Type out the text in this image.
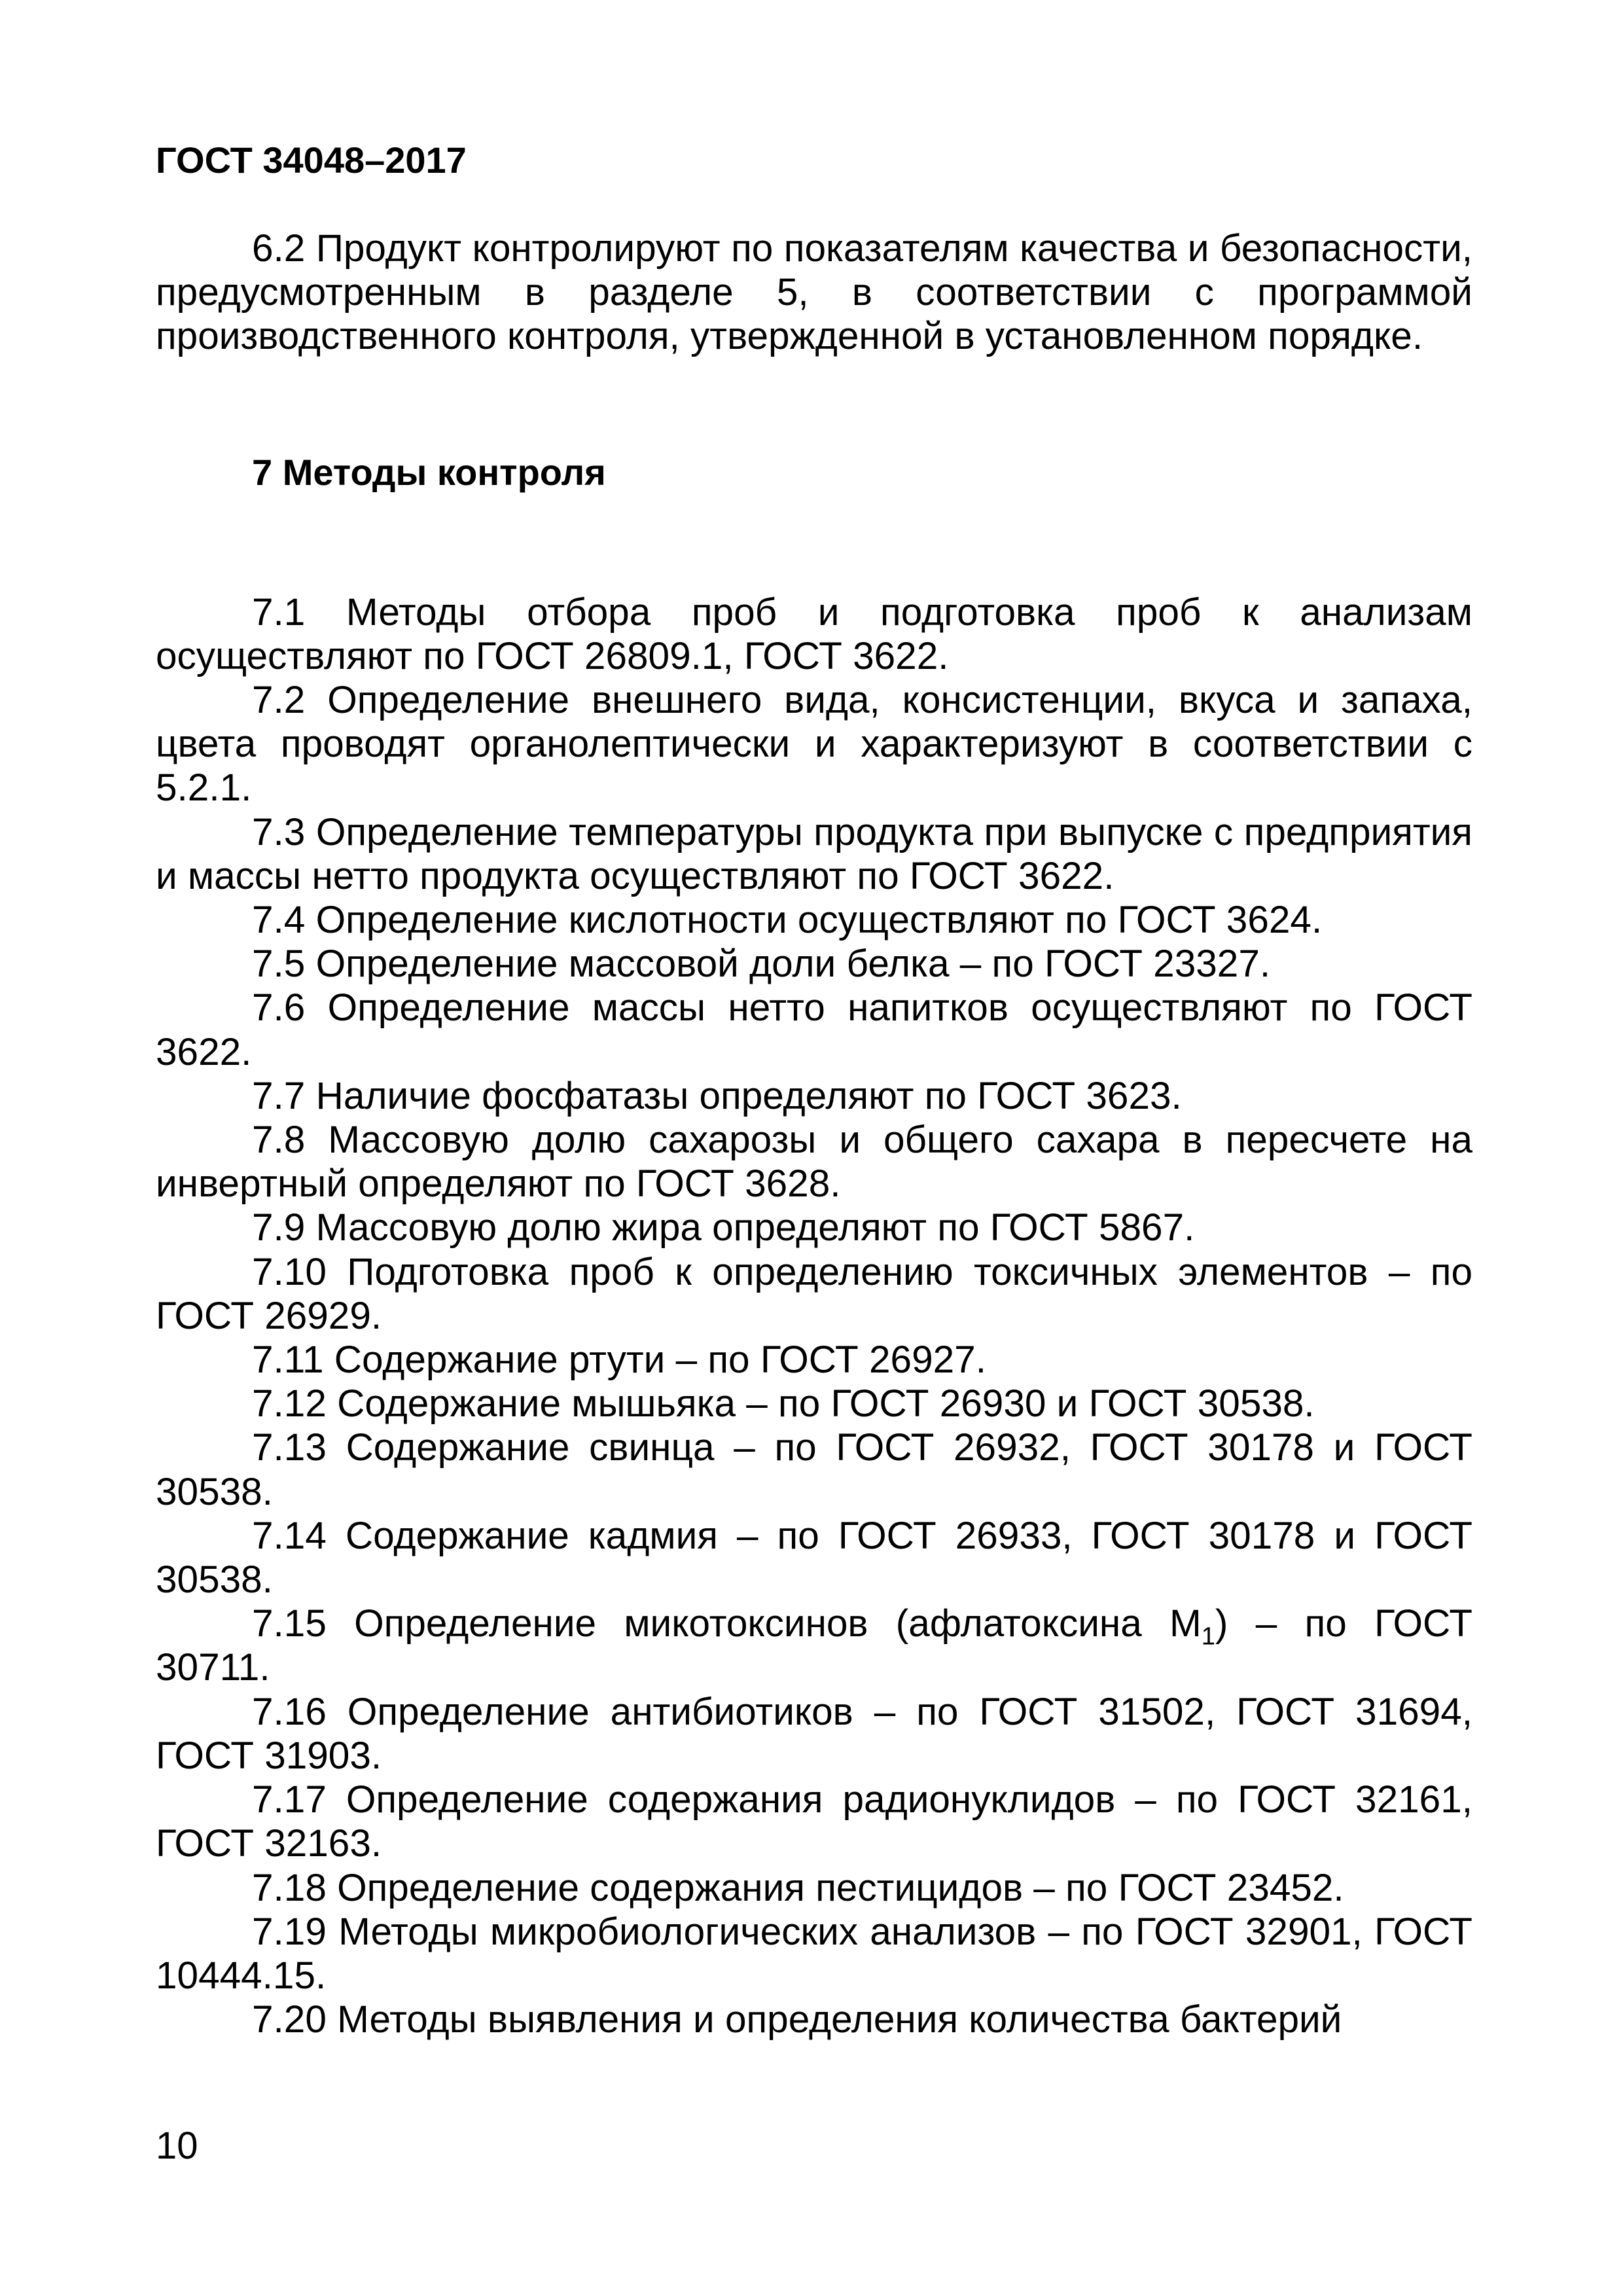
ГОСТ 34048–2017

6.2 Продукт контролируют по показателям качества и безопасности, предусмотренным в разделе 5, в соответствии с программой производственного контроля, утвержденной в установленном порядке.

7 Методы контроля

7.1 Методы отбора проб и подготовка проб к анализам осуществляют по ГОСТ 26809.1, ГОСТ 3622.

7.2 Определение внешнего вида, консистенции, вкуса и запаха, цвета проводят органолептически и характеризуют в соответствии с 5.2.1.

7.3 Определение температуры продукта при выпуске с предприятия и массы нетто продукта осуществляют по ГОСТ 3622.

7.4 Определение кислотности осуществляют по ГОСТ 3624.

7.5 Определение массовой доли белка – по ГОСТ 23327.

7.6 Определение массы нетто напитков осуществляют по ГОСТ 3622.

7.7 Наличие фосфатазы определяют по ГОСТ 3623.

7.8 Массовую долю сахарозы и общего сахара в пересчете на инвертный определяют по ГОСТ 3628.

7.9 Массовую долю жира определяют по ГОСТ 5867.

7.10 Подготовка проб к определению токсичных элементов – по ГОСТ 26929.

7.11 Содержание ртути – по ГОСТ 26927.

7.12 Содержание мышьяка – по ГОСТ 26930 и ГОСТ 30538.

7.13 Содержание свинца – по ГОСТ 26932, ГОСТ 30178 и ГОСТ 30538.

7.14 Содержание кадмия – по ГОСТ 26933, ГОСТ 30178 и ГОСТ 30538.

7.15 Определение микотоксинов (афлатоксина $М_1$) – по ГОСТ 30711.

7.16 Определение антибиотиков – по ГОСТ 31502, ГОСТ 31694, ГОСТ 31903.

7.17 Определение содержания радионуклидов – по ГОСТ 32161, ГОСТ 32163.

7.18 Определение содержания пестицидов – по ГОСТ 23452.

7.19 Методы микробиологических анализов – по ГОСТ 32901, ГОСТ 10444.15.

7.20 Методы выявления и определения количества бактерий

10
